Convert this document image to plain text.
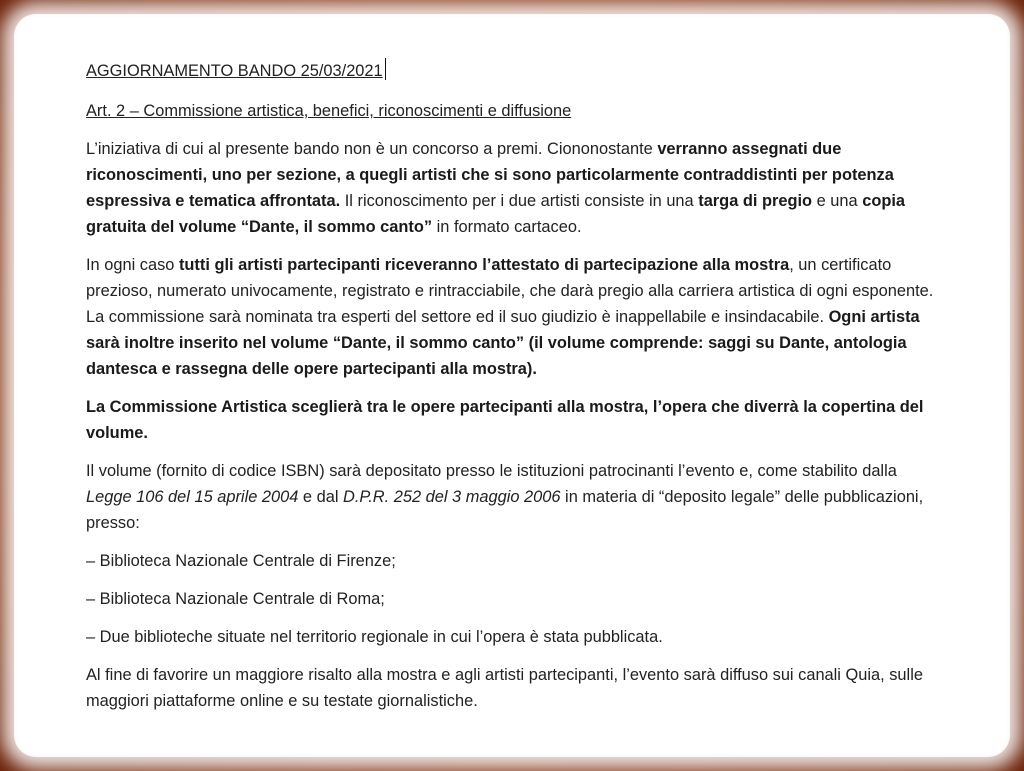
AGGIORNAMENTO BANDO 25/03/2021

Art. 2 – Commissione artistica, benefici, riconoscimenti e diffusione

L’iniziativa di cui al presente bando non è un concorso a premi. Ciononostante verranno assegnati due riconoscimenti, uno per sezione, a quegli artisti che si sono particolarmente contraddistinti per potenza espressiva e tematica affrontata. Il riconoscimento per i due artisti consiste in una targa di pregio e una copia gratuita del volume “Dante, il sommo canto” in formato cartaceo.

In ogni caso tutti gli artisti partecipanti riceveranno l’attestato di partecipazione alla mostra, un certificato prezioso, numerato univocamente, registrato e rintracciabile, che darà pregio alla carriera artistica di ogni esponente. La commissione sarà nominata tra esperti del settore ed il suo giudizio è inappellabile e insindacabile. Ogni artista sarà inoltre inserito nel volume “Dante, il sommo canto” (il volume comprende: saggi su Dante, antologia dantesca e rassegna delle opere partecipanti alla mostra).

La Commissione Artistica sceglierà tra le opere partecipanti alla mostra, l’opera che diverrà la copertina del volume.

Il volume (fornito di codice ISBN) sarà depositato presso le istituzioni patrocinanti l’evento e, come stabilito dalla Legge 106 del 15 aprile 2004 e dal D.P.R. 252 del 3 maggio 2006 in materia di “deposito legale” delle pubblicazioni, presso:

– Biblioteca Nazionale Centrale di Firenze;

– Biblioteca Nazionale Centrale di Roma;

– Due biblioteche situate nel territorio regionale in cui l’opera è stata pubblicata.

Al fine di favorire un maggiore risalto alla mostra e agli artisti partecipanti, l’evento sarà diffuso sui canali Quia, sulle maggiori piattaforme online e su testate giornalistiche.
